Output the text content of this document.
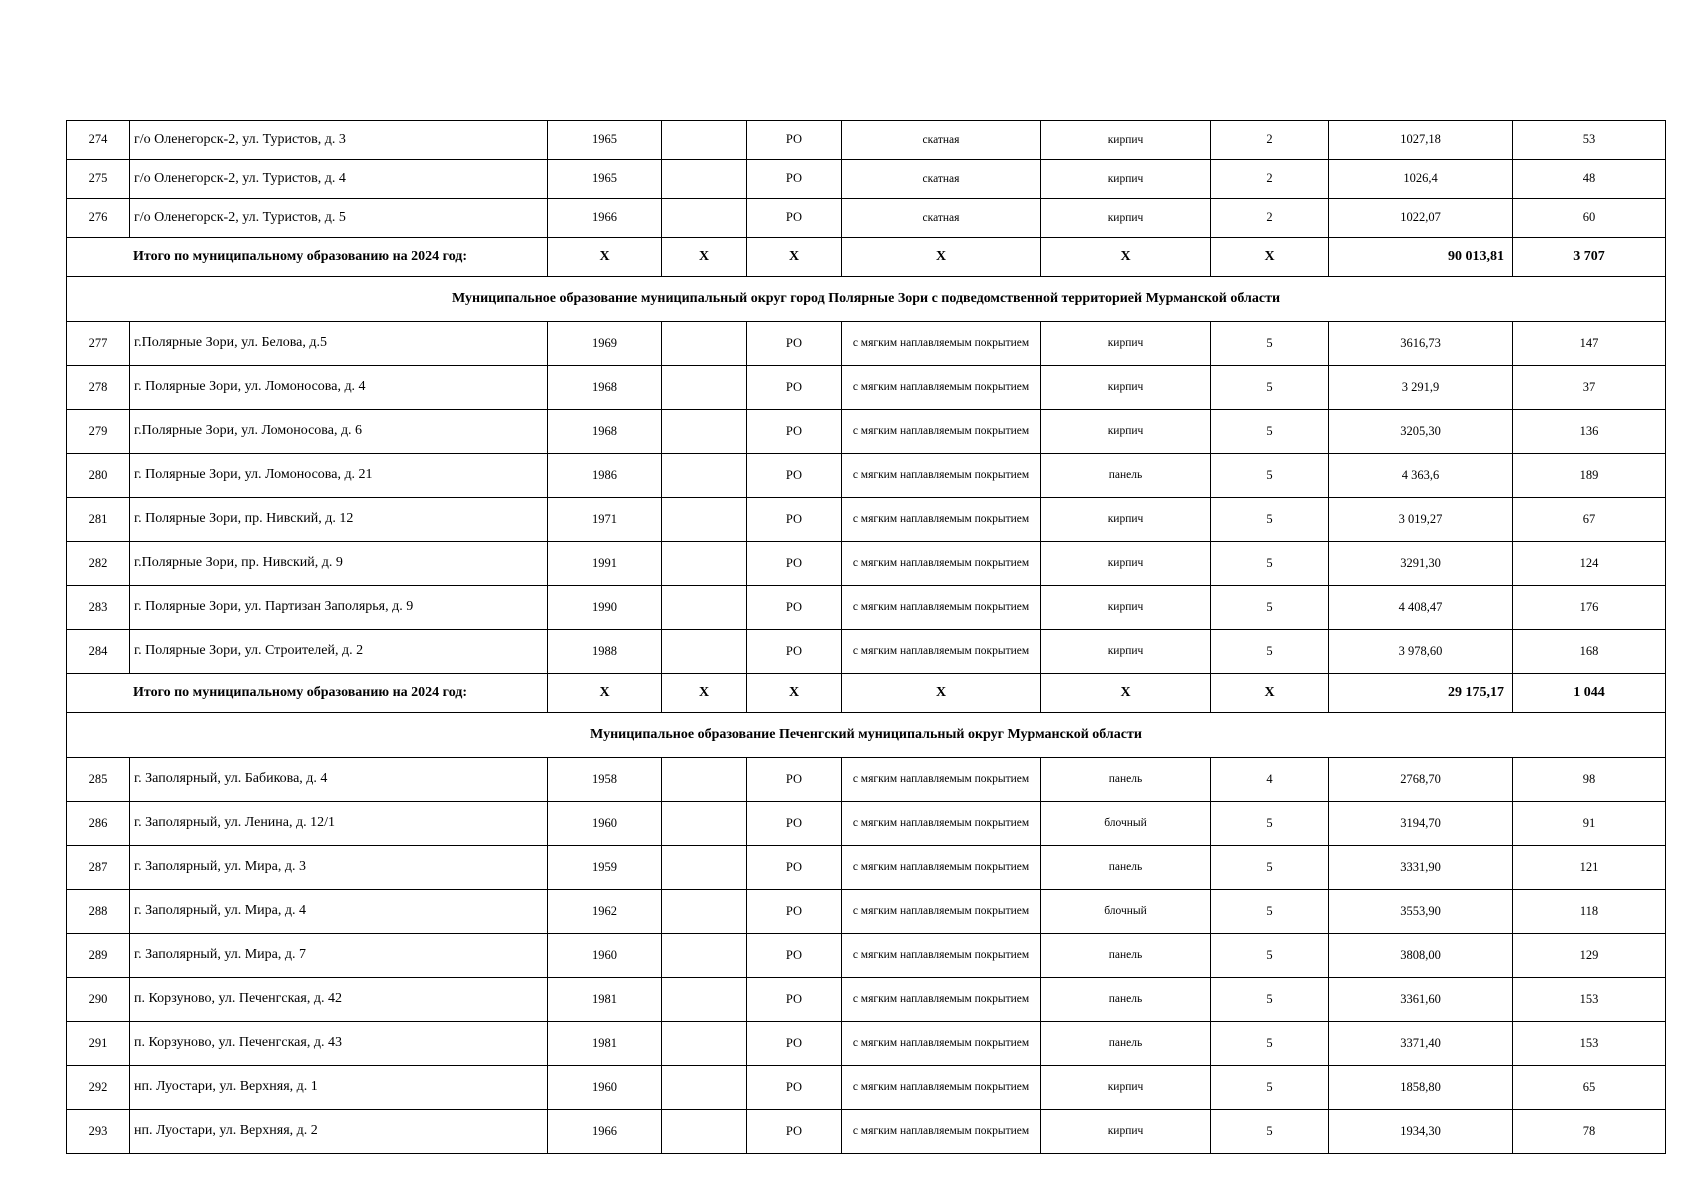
274	г/о Оленегорск-2, ул. Туристов, д. 3	1965		РО	скатная	кирпич	2	1027,18	53
275	г/о Оленегорск-2, ул. Туристов, д. 4	1965		РО	скатная	кирпич	2	1026,4	48
276	г/о Оленегорск-2, ул. Туристов, д. 5	1966		РО	скатная	кирпич	2	1022,07	60
Итого по муниципальному образованию на 2024 год:		X	X	X	X	X	X	90 013,81	3 707
Муниципальное образование муниципальный округ город Полярные Зори с подведомственной территорией Мурманской области									
277	г.Полярные Зори, ул. Белова, д.5	1969		РО	с мягким наплавляемым покрытием	кирпич	5	3616,73	147
278	г. Полярные Зори, ул. Ломоносова, д. 4	1968		РО	с мягким наплавляемым покрытием	кирпич	5	3 291,9	37
279	г.Полярные Зори, ул. Ломоносова, д. 6	1968		РО	с мягким наплавляемым покрытием	кирпич	5	3205,30	136
280	г. Полярные Зори, ул. Ломоносова, д. 21	1986		РО	с мягким наплавляемым покрытием	панель	5	4 363,6	189
281	г. Полярные Зори, пр. Нивский, д. 12	1971		РО	с мягким наплавляемым покрытием	кирпич	5	3 019,27	67
282	г.Полярные Зори, пр. Нивский, д. 9	1991		РО	с мягким наплавляемым покрытием	кирпич	5	3291,30	124
283	г. Полярные Зори, ул. Партизан Заполярья, д. 9	1990		РО	с мягким наплавляемым покрытием	кирпич	5	4 408,47	176
284	г. Полярные Зори, ул. Строителей, д. 2	1988		РО	с мягким наплавляемым покрытием	кирпич	5	3 978,60	168
Итого по муниципальному образованию на 2024 год:		X	X	X	X	X	X	29 175,17	1 044
Муниципальное образование Печенгский муниципальный округ Мурманской области									
285	г. Заполярный, ул. Бабикова, д. 4	1958		РО	с мягким наплавляемым покрытием	панель	4	2768,70	98
286	г. Заполярный, ул. Ленина, д. 12/1	1960		РО	с мягким наплавляемым покрытием	блочный	5	3194,70	91
287	г. Заполярный, ул. Мира, д. 3	1959		РО	с мягким наплавляемым покрытием	панель	5	3331,90	121
288	г. Заполярный, ул. Мира, д. 4	1962		РО	с мягким наплавляемым покрытием	блочный	5	3553,90	118
289	г. Заполярный, ул. Мира, д. 7	1960		РО	с мягким наплавляемым покрытием	панель	5	3808,00	129
290	п. Корзуново, ул. Печенгская, д. 42	1981		РО	с мягким наплавляемым покрытием	панель	5	3361,60	153
291	п. Корзуново, ул. Печенгская, д. 43	1981		РО	с мягким наплавляемым покрытием	панель	5	3371,40	153
292	нп. Луостари, ул. Верхняя, д. 1	1960		РО	с мягким наплавляемым покрытием	кирпич	5	1858,80	65
293	нп. Луостари, ул. Верхняя, д. 2	1966		РО	с мягким наплавляемым покрытием	кирпич	5	1934,30	78
